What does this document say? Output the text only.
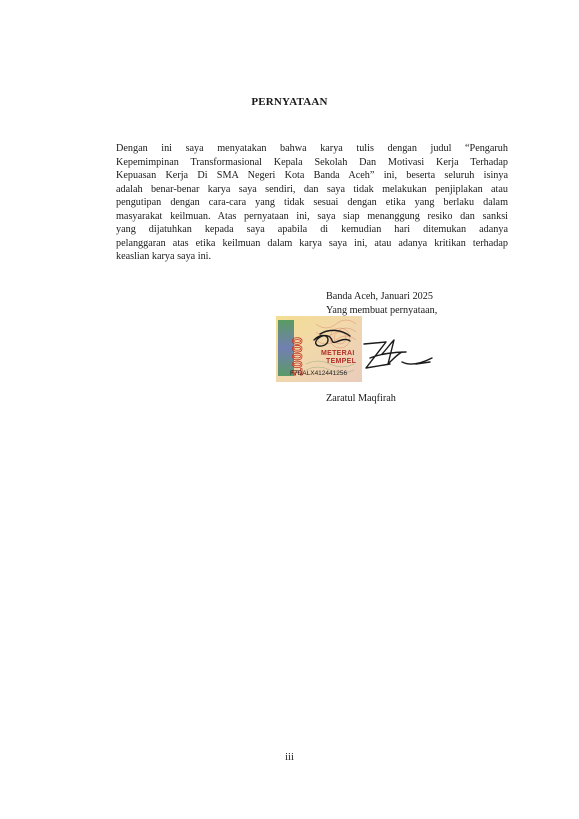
PERNYATAAN
Dengan ini saya menyatakan bahwa karya tulis dengan judul “Pengaruh
Kepemimpinan Transformasional Kepala Sekolah Dan Motivasi Kerja Terhadap
Kepuasan Kerja Di SMA Negeri Kota Banda Aceh” ini, beserta seluruh isinya
adalah benar-benar karya saya sendiri, dan saya tidak melakukan penjiplakan atau
pengutipan dengan cara-cara yang tidak sesuai dengan etika yang berlaku dalam
masyarakat keilmuan. Atas pernyataan ini, saya siap menanggung resiko dan sanksi
yang dijatuhkan kepada saya apabila di kemudian hari ditemukan adanya
pelanggaran atas etika keilmuan dalam karya saya ini, atau adanya kritikan terhadap
keaslian karya saya ini.
Banda Aceh, Januari 2025
Yang membuat pernyataan,
10000 METERAI
TEMPEL
F7DALX412441256
Zaratul Maqfirah
iii
